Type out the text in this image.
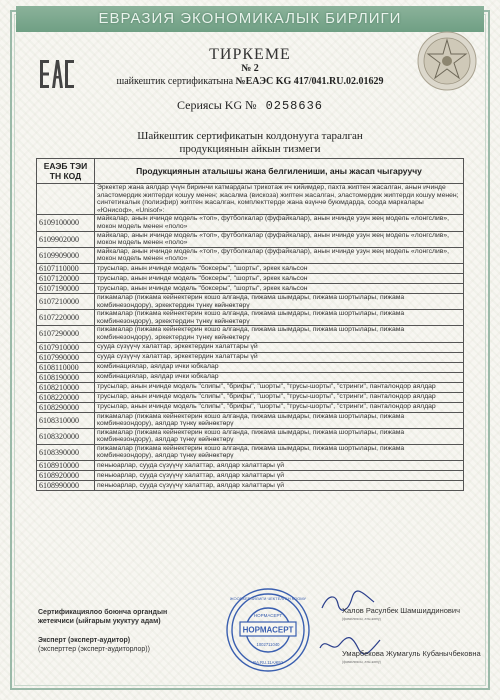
ЕВРАЗИЯ ЭКОНОМИКАЛЫК БИРЛИГИ
ТИРКЕМЕ
№ 2
шайкештик сертификатына №ЕАЭС KG 417/041.RU.02.01629
Сериясы KG № 0258636
Шайкештик сертификатын колдонууга таралган
продукциянын айкын тизмеги
ЕАЭБ ТЭИ ТН КОД	Продукциянын аталышы жана белгилениши, аны жасап чыгаруучу
	Эркектер жана аялдар үчүн биринчи катмардагы трикотаж ич кийимдер, пахта жиптен жасалган, анын ичинде эластомердик жиптерди кошуу менен; жасалма (вискоза) жиптен жасалган, эластомердик жиптерди кошуу менен; синтетикалык (полиэфир) жиптен жасалган, комплекттерде жана өзүнчө буюмдарда, соода маркалары «Юнисоф», «Unisof»:
6109100000	майкалар, анын ичинде модель «топ», футболкалар (фуфайкалар), анын ичинде узун жең модель «лонгслив», мокон модель менен «поло»
6109902000	майкалар, анын ичинде модель «топ», футболкалар (фуфайкалар), анын ичинде узун жең модель «лонгслив», мокон модель менен «поло»
6109909000	майкалар, анын ичинде модель «топ», футболкалар (фуфайкалар), анын ичинде узун жең модель «лонгслив», мокон модель менен «поло»
6107110000	трусылар, анын ичинде модель "боксеры", "шорты", эркек кальсон
6107120000	трусылар, анын ичинде модель "боксеры", "шорты", эркек кальсон
6107190000	трусылар, анын ичинде модель "боксеры", "шорты", эркек кальсон
6107210000	пижамалар (пижама кейнектерин кошо алганда, пижама шымдары, пижама шортылары, пижама комбинезондору), эркектердин түнкү көйнөктөрү
6107220000	пижамалар (пижама кейнектерин кошо алганда, пижама шымдары, пижама шортылары, пижама комбинезондору), эркектердин түнкү көйнөктөрү
6107290000	пижамалар (пижама кейнектерин кошо алганда, пижама шымдары, пижама шортылары, пижама комбинезондору), эркектердин түнкү көйнөктөрү
6107910000	суудa сүзүүчү халаттар, эркектердин халаттары үй
6107990000	суудa сүзүүчү халаттар, эркектердин халаттары үй
6108110000	комбинациялар, аялдар ички юбкалар
6108190000	комбинациялар, аялдар ички юбкалар
6108210000	трусылар, анын ичинде модель "слипы", "брифы", "шорты", "трусы-шорты", "стринги", панталондор аялдар
6108220000	трусылар, анын ичинде модель "слипы", "брифы", "шорты", "трусы-шорты", "стринги", панталондор аялдар
6108290000	трусылар, анын ичинде модель "слипы", "брифы", "шорты", "трусы-шорты", "стринги", панталондор аялдар
6108310000	пижамалар (пижама кейнектерин кошо алганда, пижама шымдары, пижама шортылары, пижама комбинезондору), аялдар түнкү көйнөктөрү
6108320000	пижамалар (пижама кейнектерин кошо алганда, пижама шымдары, пижама шортылары, пижама комбинезондору), аялдар түнкү көйнөктөрү
6108390000	пижамалар (пижама кейнектерин кошо алганда, пижама шымдары, пижама шортылары, пижама комбинезондору), аялдар түнкү көйнөктөрү
6108910000	пеньюарлар, сууда сүзүүчү халаттар, аялдар халаттары үй
6108920000	пеньюарлар, сууда сүзүүчү халаттар, аялдар халаттары үй
6108990000	пеньюарлар, сууда сүзүүчү халаттар, аялдар халаттары үй
Сертификациялоо боюнча органдын
жетекчиси (ыйгарым укуктуу адам)
Эксперт (эксперт-аудитор)
(эксперттер (эксперт-аудиторлор))
НОРМАСЕРТ
ЖООПКЕРЧИЛИГИ ЧЕКТЕЛГЕН КООМУ
НОРМАСЕРТ
1002711040
RA.RU.11АЖ92
Халов Расулбек Шамшиддинович
(фамилиясы, аты-жөнү)
Умарбекова Жумагуль Кубанычбековна
(фамилиясы, аты-жөнү)
